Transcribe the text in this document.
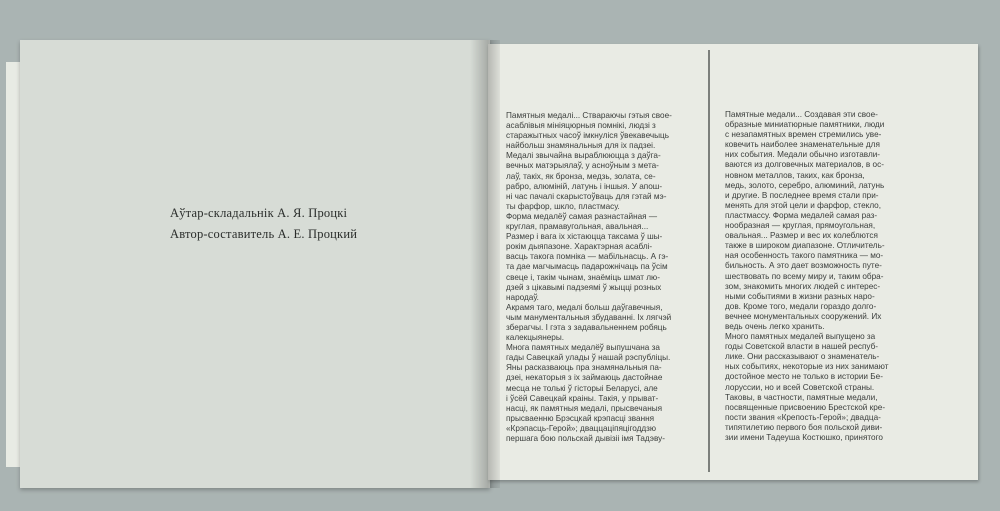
Аўтар-складальнік А. Я. Процкі
Автор-составитель А. Е. Процкий
Памятныя медалі... Ствараючы гэтыя свое-
асаблівыя мініяцюрныя помнікі, людзі з
старажытных часоў імкнуліся ўвекавечыць
найбольш знамянальныя для іх падзеі.
Медалі звычайна выраблююцца з даўга-
вечных матэрыялаў, у асноўным з мета-
лаў, такіх, як бронза, медзь, золата, се-
рабро, алюміній, латунь і іншыя. У апош-
ні час пачалі скарыстоўваць для гэтай мэ-
ты фарфор, шкло, пластмасу.
Форма медалёў самая разнастайная —
круглая, прамавугольная, авальная...
Размер і вага іх хістаюцца таксама ў шы-
рокім дыяпазоне. Характэрная асаблі-
васць такога помніка — мабільнасць. А гэ-
та дае магчымасць падарожнічаць па ўсім
свеце і, такім чынам, знаёміць шмат лю-
дзей з цікавымі падзеямі ў жыцці розных
народаў.
Акрамя таго, медалі больш даўгавечныя,
чым манументальныя збудаванні. Іх лягчэй
зберагчы. І гэта з задавальненнем робяць
калекцыянеры.
Многа памятных медалёў выпушчана за
гады Савецкай улады ў нашай рэспубліцы.
Яны расказваюць пра знамянальныя па-
дзеі, некаторыя з іх займаюць дастойнае
месца не толькі ў гісторыі Беларусі, але
і ўсёй Савецкай краіны. Такія, у прыват-
насці, як памятныя медалі, прысвечаныя
прысваенню Брэсцкай крэпасці звання
«Крэпасць-Герой»; дваццаціпяцігоддзю
першага бою польскай дывізіі імя Тадэву-
Памятные медали... Создавая эти свое-
образные миниатюрные памятники, люди
с незапамятных времен стремились уве-
ковечить наиболее знаменательные для
них события. Медали обычно изготавли-
ваются из долговечных материалов, в ос-
новном металлов, таких, как бронза,
медь, золото, серебро, алюминий, латунь
и другие. В последнее время стали при-
менять для этой цели и фарфор, стекло,
пластмассу. Форма медалей самая раз-
нообразная — круглая, прямоугольная,
овальная... Размер и вес их колеблются
также в широком диапазоне. Отличитель-
ная особенность такого памятника — мо-
бильность. А это дает возможность путе-
шествовать по всему миру и, таким обра-
зом, знакомить многих людей с интерес-
ными событиями в жизни разных наро-
дов. Кроме того, медали гораздо долго-
вечнее монументальных сооружений. Их
ведь очень легко хранить.
Много памятных медалей выпущено за
годы Советской власти в нашей респуб-
лике. Они рассказывают о знаменатель-
ных событиях, некоторые из них занимают
достойное место не только в истории Бе-
лоруссии, но и всей Советской страны.
Таковы, в частности, памятные медали,
посвященные присвоению Брестской кре-
пости звания «Крепость-Герой»; двадца-
типятилетию первого боя польской диви-
зии имени Тадеуша Костюшко, принятого
